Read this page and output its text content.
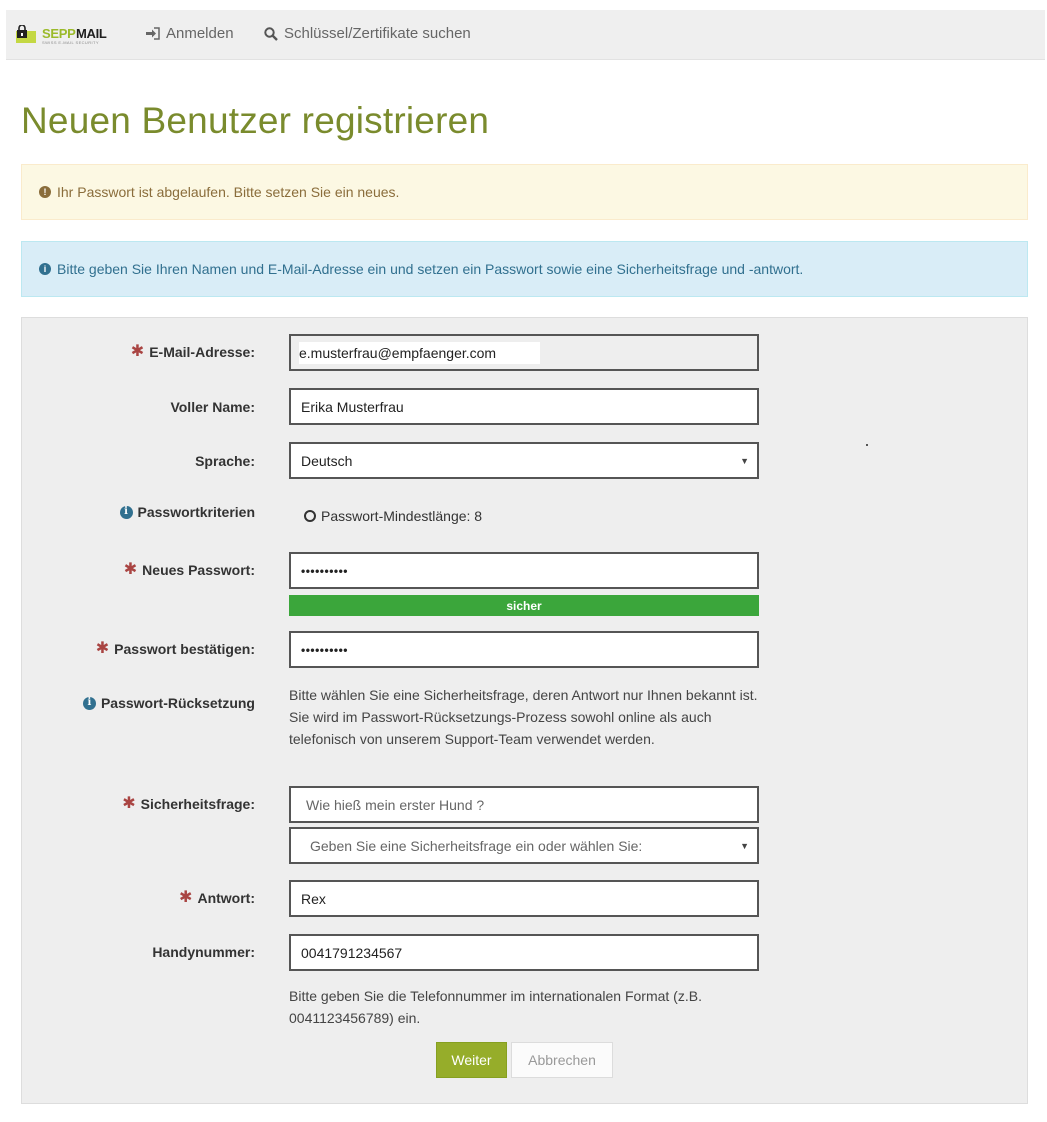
SEPP MAIL
SWISS E-MAIL SECURITY
Anmelden	Schlüssel/Zertifikate suchen
Neuen Benutzer registrieren
! Ihr Passwort ist abgelaufen. Bitte setzen Sie ein neues.
i Bitte geben Sie Ihren Namen und E-Mail-Adresse ein und setzen ein Passwort sowie eine Sicherheitsfrage und -antwort.
✱ E-Mail-Adresse:	e.musterfrau@empfaenger.com
Voller Name:	Erika Musterfrau
Sprache:	Deutsch	▼
i Passwortkriterien	Passwort-Mindestlänge: 8
✱ Neues Passwort:	••••••••••
sicher
✱ Passwort bestätigen:	••••••••••
i Passwort-Rücksetzung Bitte wählen Sie eine Sicherheitsfrage, deren Antwort nur Ihnen bekannt ist. Sie wird im Passwort-Rücksetzungs-Prozess sowohl online als auch telefonisch von unserem Support-Team verwendet werden.
✱ Sicherheitsfrage:	Wie hieß mein erster Hund ?
Geben Sie eine Sicherheitsfrage ein oder wählen Sie:	▼
✱ Antwort:	Rex
Handynummer:	0041791234567
Bitte geben Sie die Telefonnummer im internationalen Format (z.B. 0041123456789) ein.
Weiter	Abbrechen
